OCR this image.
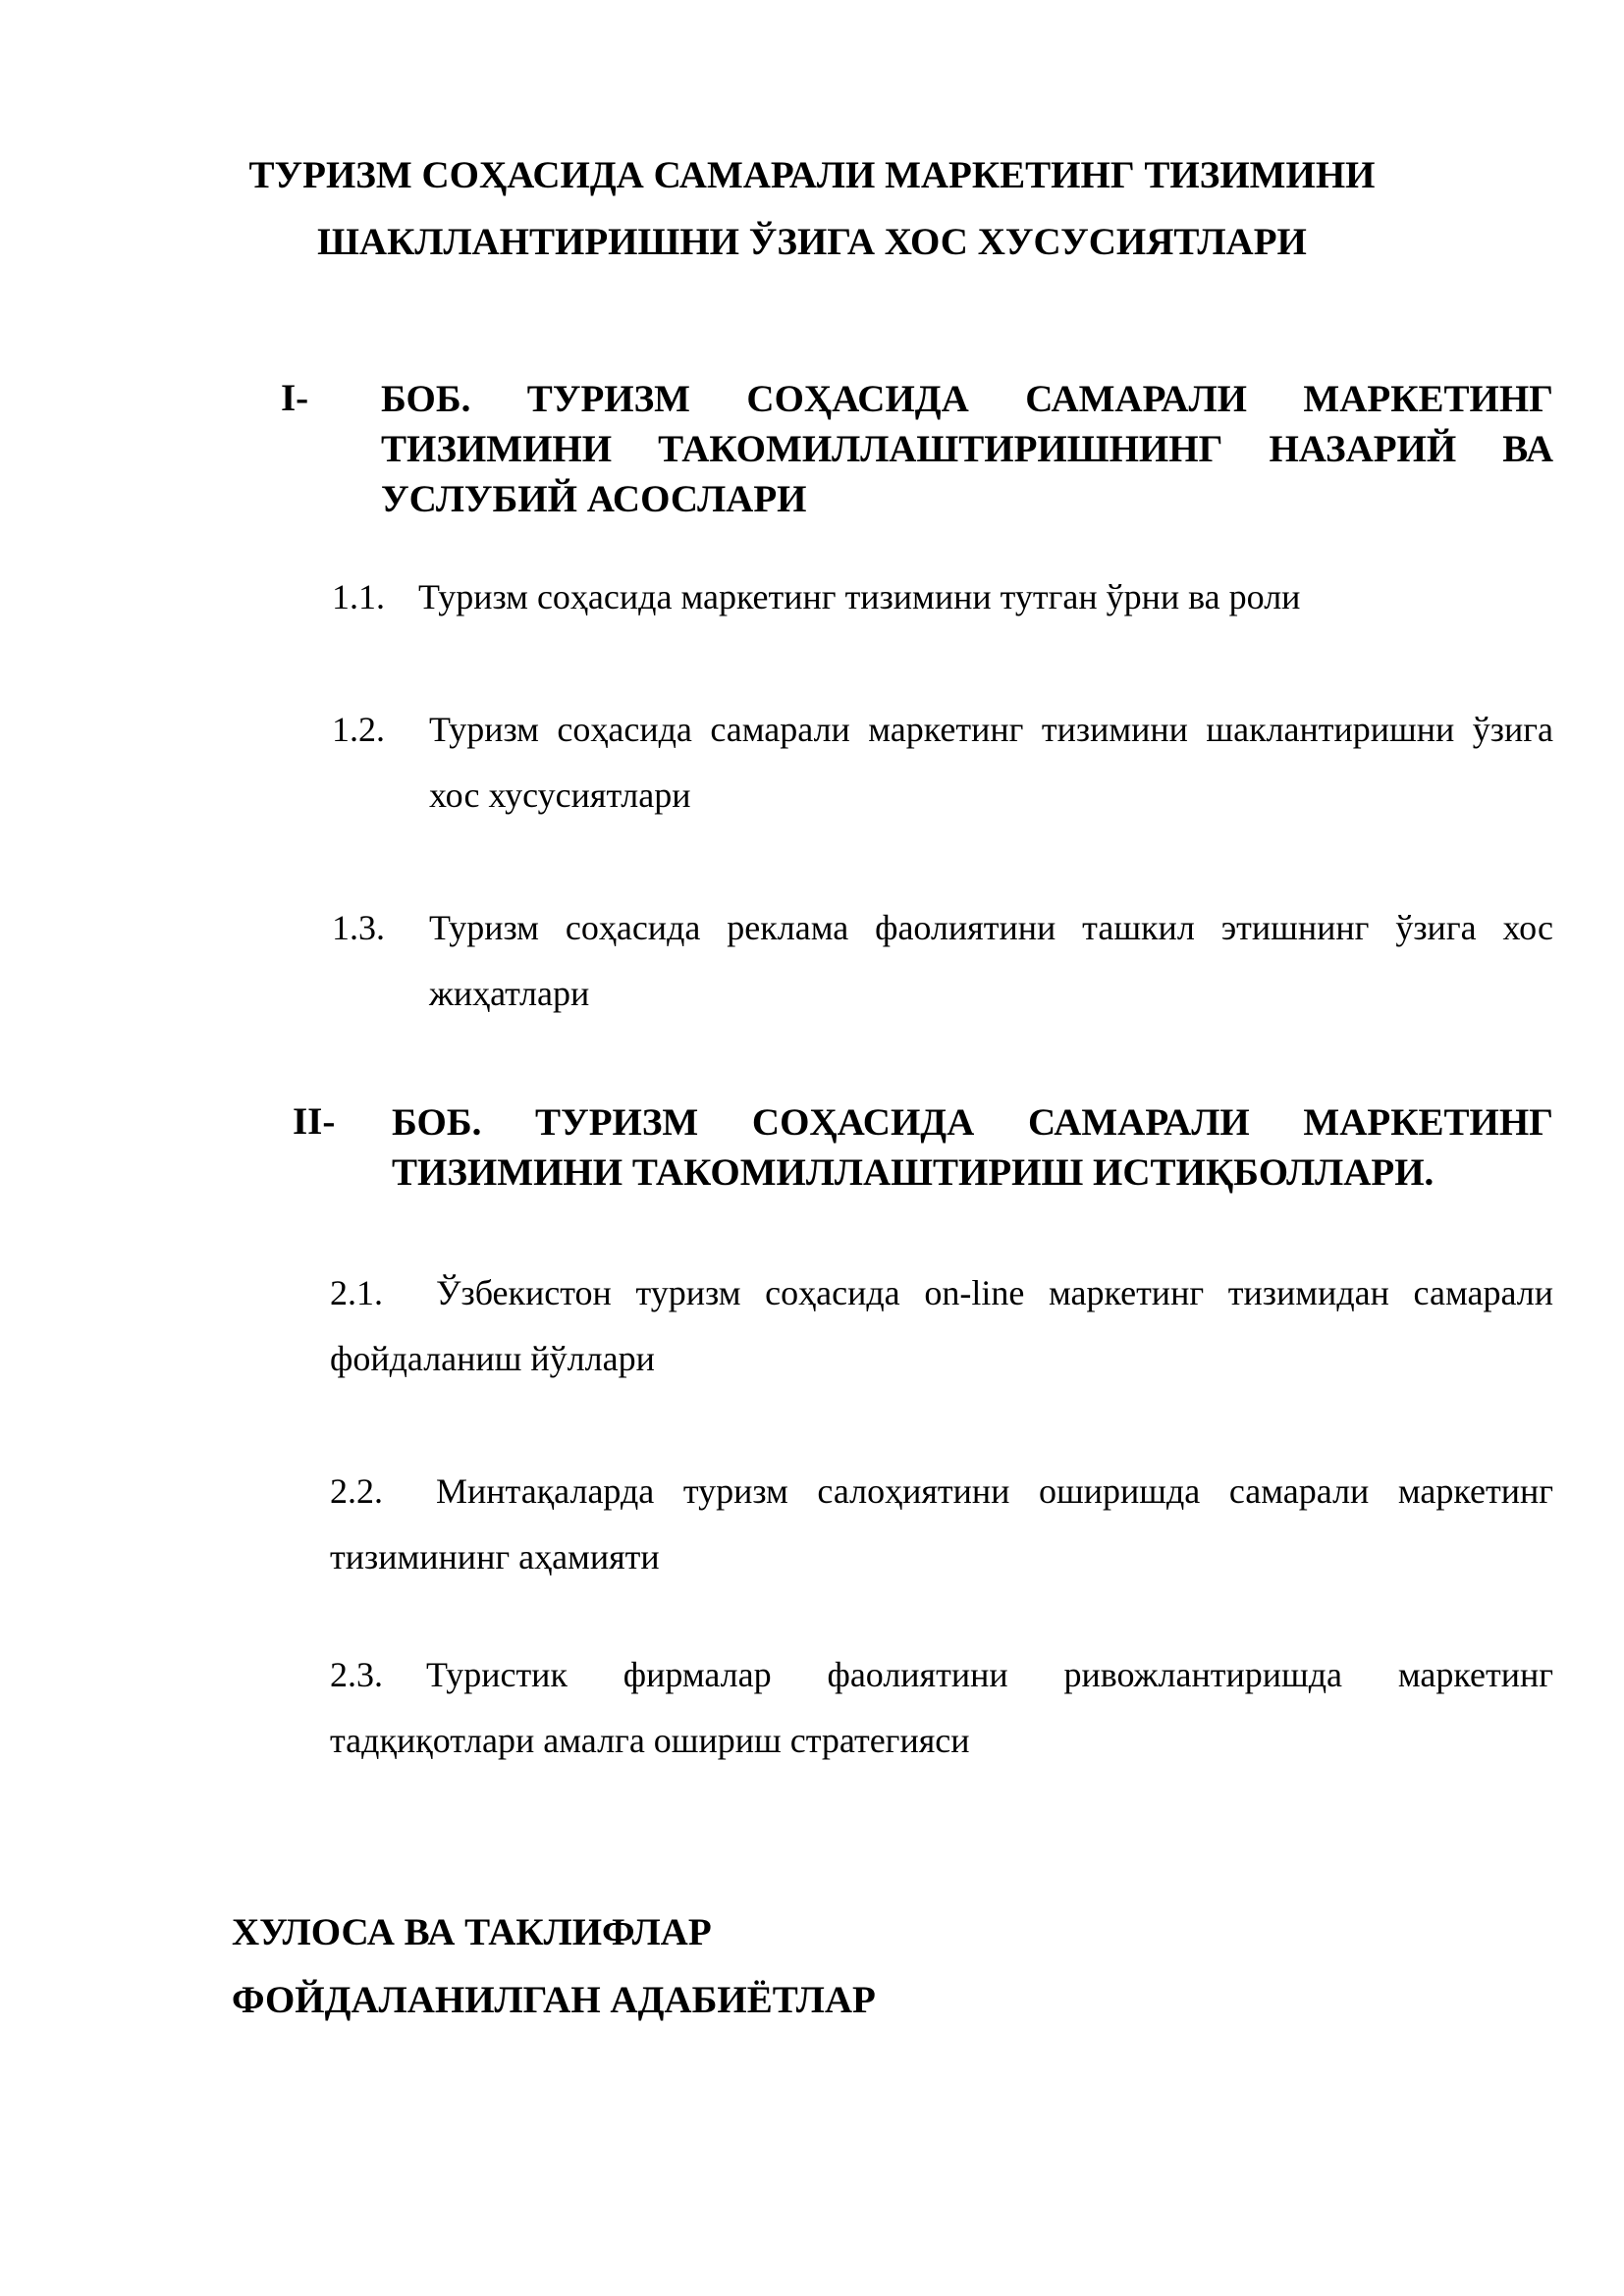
ТУРИЗМ СОҲАСИДА САМАРАЛИ МАРКЕТИНГ ТИЗИМИНИ
ШАКЛЛАНТИРИШНИ ЎЗИГА ХОС ХУСУСИЯТЛАРИ
I- БОБ. ТУРИЗМ СОҲАСИДА САМАРАЛИ МАРКЕТИНГ ТИЗИМИНИ ТАКОМИЛЛАШТИРИШНИНГ НАЗАРИЙ ВА УСЛУБИЙ АСОСЛАРИ
1.1. Туризм соҳасида маркетинг тизимини тутган ўрни ва роли
1.2. Туризм соҳасида самарали маркетинг тизимини шаклантиришни ўзига хос хусусиятлари
1.3. Туризм соҳасида реклама фаолиятини ташкил этишнинг ўзига хос жиҳатлари
II- БОБ. ТУРИЗМ СОҲАСИДА САМАРАЛИ МАРКЕТИНГ ТИЗИМИНИ ТАКОМИЛЛАШТИРИШ ИСТИҚБОЛЛАРИ.
2.1. Ўзбекистон туризм соҳасида on-line маркетинг тизимидан самарали фойдаланиш йўллари
2.2. Минтақаларда туризм салоҳиятини оширишда самарали маркетинг тизимининг аҳамияти
2.3. Туристик фирмалар фаолиятини ривожлантиришда маркетинг тадқиқотлари амалга ошириш стратегияси
ХУЛОСА ВА ТАКЛИФЛАР
ФОЙДАЛАНИЛГАН АДАБИЁТЛАР
